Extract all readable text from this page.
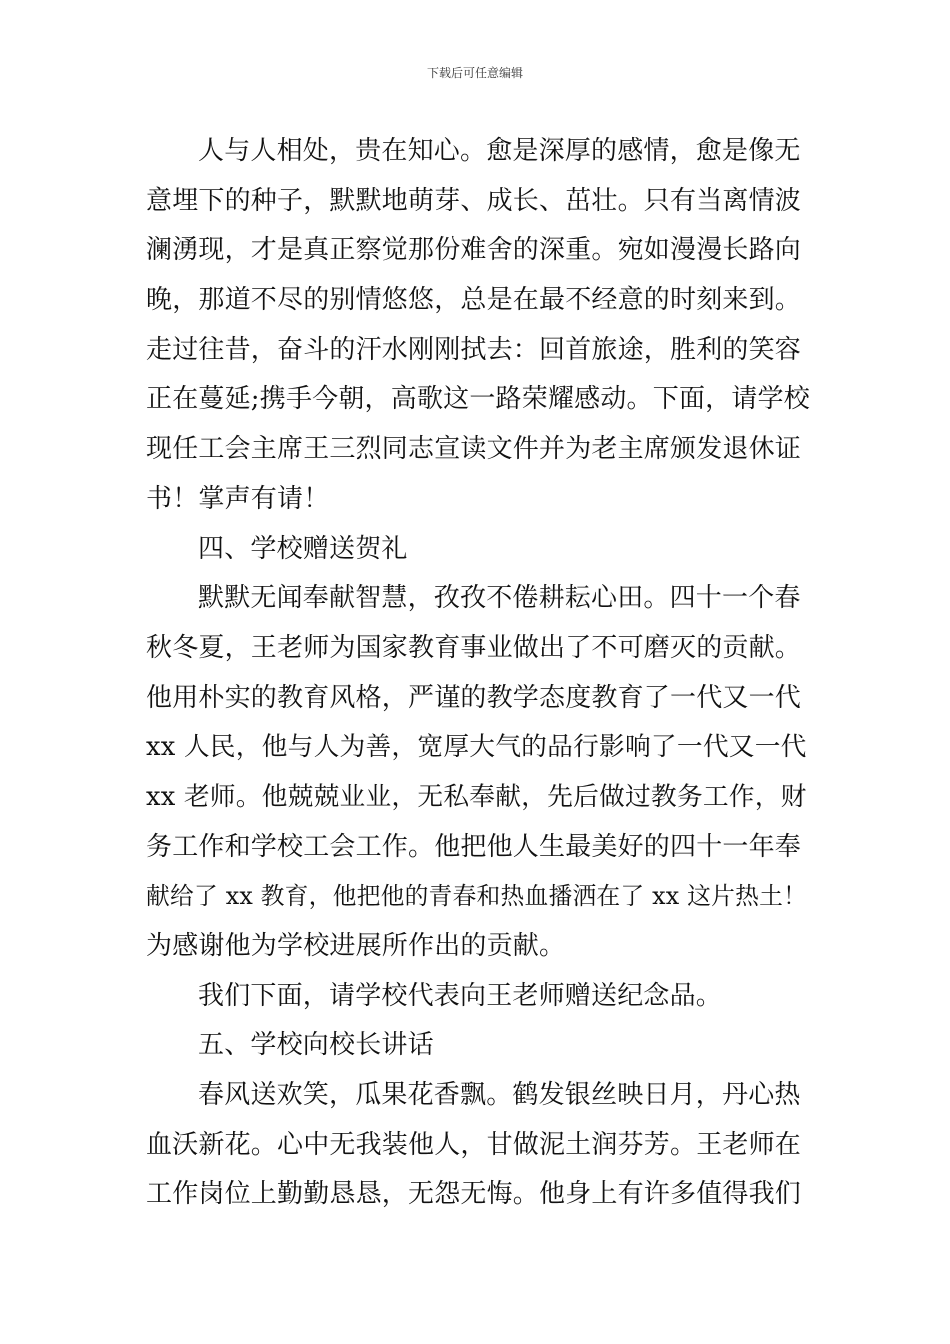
下载后可任意编辑
人与人相处，贵在知心。愈是深厚的感情，愈是像无
意埋下的种子，默默地萌芽、成长、茁壮。只有当离情波
澜湧现，才是真正察觉那份难舍的深重。宛如漫漫长路向
晚，那道不尽的别情悠悠，总是在最不经意的时刻来到。
走过往昔，奋斗的汗水刚刚拭去：回首旅途，胜利的笑容
正在蔓延;携手今朝，高歌这一路荣耀感动。下面，请学校
现任工会主席王三烈同志宣读文件并为老主席颁发退休证
书！掌声有请！
四、学校赠送贺礼
默默无闻奉献智慧，孜孜不倦耕耘心田。四十一个春
秋冬夏，王老师为国家教育事业做出了不可磨灭的贡献。
他用朴实的教育风格，严谨的教学态度教育了一代又一代
xx 人民，他与人为善，宽厚大气的品行影响了一代又一代
xx 老师。他兢兢业业，无私奉献，先后做过教务工作，财
务工作和学校工会工作。他把他人生最美好的四十一年奉
献给了 xx 教育，他把他的青春和热血播洒在了 xx 这片热土！
为感谢他为学校进展所作出的贡献。
我们下面，请学校代表向王老师赠送纪念品。
五、学校向校长讲话
春风送欢笑，瓜果花香飘。鹤发银丝映日月，丹心热
血沃新花。心中无我装他人，甘做泥土润芬芳。王老师在
工作岗位上勤勤恳恳，无怨无悔。他身上有许多值得我们
